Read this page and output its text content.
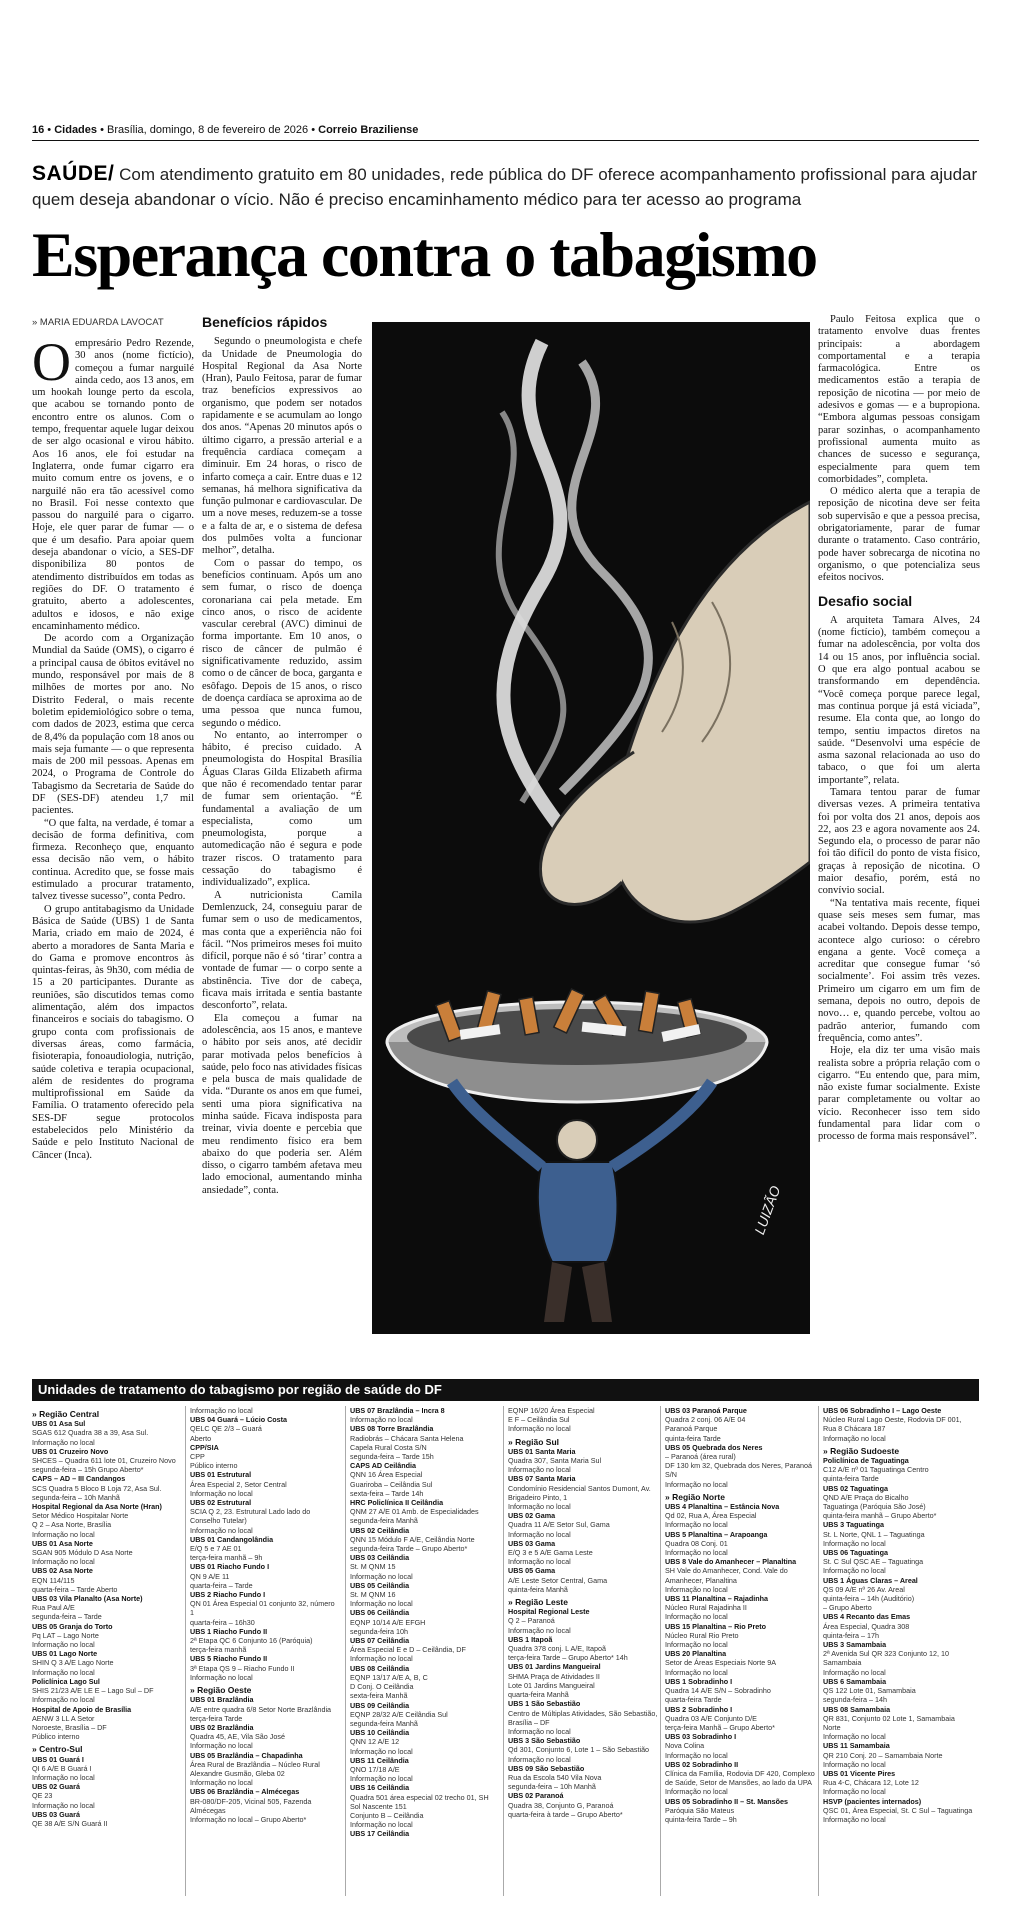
16 • Cidades • Brasília, domingo, 8 de fevereiro de 2026 • Correio Braziliense
SAÚDE/ Com atendimento gratuito em 80 unidades, rede pública do DF oferece acompanhamento profissional para ajudar quem deseja abandonar o vício. Não é preciso encaminhamento médico para ter acesso ao programa
Esperança contra o tabagismo
» MARIA EDUARDA LAVOCAT

Oempresário Pedro Rezende, 30 anos (nome fictício), começou a fumar narguilé ainda cedo, aos 13 anos, em um hookah lounge perto da escola, que acabou se tornando ponto de encontro entre os alunos. Com o tempo, frequentar aquele lugar deixou de ser algo ocasional e virou hábito. Aos 16 anos, ele foi estudar na Inglaterra, onde fumar cigarro era muito comum entre os jovens, e o narguilé não era tão acessível como no Brasil. Foi nesse contexto que passou do narguilé para o cigarro. Hoje, ele quer parar de fumar — o que é um desafio. Para apoiar quem deseja abandonar o vício, a SES-DF disponibiliza 80 pontos de atendimento distribuídos em todas as regiões do DF. O tratamento é gratuito, aberto a adolescentes, adultos e idosos, e não exige encaminhamento médico.

De acordo com a Organização Mundial da Saúde (OMS), o cigarro é a principal causa de óbitos evitável no mundo, responsável por mais de 8 milhões de mortes por ano. No Distrito Federal, o mais recente boletim epidemiológico sobre o tema, com dados de 2023, estima que cerca de 8,4% da população com 18 anos ou mais seja fumante — o que representa mais de 200 mil pessoas. Apenas em 2024, o Programa de Controle do Tabagismo da Secretaria de Saúde do DF (SES-DF) atendeu 1,7 mil pacientes.

“O que falta, na verdade, é tomar a decisão de forma definitiva, com firmeza. Reconheço que, enquanto essa decisão não vem, o hábito continua. Acredito que, se fosse mais estimulado a procurar tratamento, talvez tivesse sucesso”, conta Pedro.

O grupo antitabagismo da Unidade Básica de Saúde (UBS) 1 de Santa Maria, criado em maio de 2024, é aberto a moradores de Santa Maria e do Gama e promove encontros às quintas-feiras, às 9h30, com média de 15 a 20 participantes. Durante as reuniões, são discutidos temas como alimentação, além dos impactos financeiros e sociais do tabagismo. O grupo conta com profissionais de diversas áreas, como farmácia, fisioterapia, fonoaudiologia, nutrição, saúde coletiva e terapia ocupacional, além de residentes do programa multiprofissional em Saúde da Família. O tratamento oferecido pela SES-DF segue protocolos estabelecidos pelo Ministério da Saúde e pelo Instituto Nacional de Câncer (Inca).

Benefícios rápidos

Segundo o pneumologista e chefe da Unidade de Pneumologia do Hospital Regional da Asa Norte (Hran), Paulo Feitosa, parar de fumar traz benefícios expressivos ao organismo, que podem ser notados rapidamente e se acumulam ao longo dos anos. “Apenas 20 minutos após o último cigarro, a pressão arterial e a frequência cardíaca começam a diminuir. Em 24 horas, o risco de infarto começa a cair. Entre duas e 12 semanas, há melhora significativa da função pulmonar e cardiovascular. De um a nove meses, reduzem-se a tosse e a falta de ar, e o sistema de defesa dos pulmões volta a funcionar melhor”, detalha.

Com o passar do tempo, os benefícios continuam. Após um ano sem fumar, o risco de doença coronariana cai pela metade. Em cinco anos, o risco de acidente vascular cerebral (AVC) diminui de forma importante. Em 10 anos, o risco de câncer de pulmão é significativamente reduzido, assim como o de câncer de boca, garganta e esôfago. Depois de 15 anos, o risco de doença cardíaca se aproxima ao de uma pessoa que nunca fumou, segundo o médico.

No entanto, ao interromper o hábito, é preciso cuidado. A pneumologista do Hospital Brasília Águas Claras Gilda Elizabeth afirma que não é recomendado tentar parar de fumar sem orientação. “É fundamental a avaliação de um especialista, como um pneumologista, porque a automedicação não é segura e pode trazer riscos. O tratamento para cessação do tabagismo é individualizado”, explica.

A nutricionista Camila Demlenzuck, 24, conseguiu parar de fumar sem o uso de medicamentos, mas conta que a experiência não foi fácil. “Nos primeiros meses foi muito difícil, porque não é só ‘tirar’ contra a vontade de fumar — o corpo sente a abstinência. Tive dor de cabeça, ficava mais irritada e sentia bastante desconforto”, relata.

Ela começou a fumar na adolescência, aos 15 anos, e manteve o hábito por seis anos, até decidir parar motivada pelos benefícios à saúde, pelo foco nas atividades físicas e pela busca de mais qualidade de vida. “Durante os anos em que fumei, senti uma piora significativa na minha saúde. Ficava indisposta para treinar, vivia doente e percebia que meu rendimento físico era bem abaixo do que poderia ser. Além disso, o cigarro também afetava meu lado emocional, aumentando minha ansiedade”, conta.	LUIZÃO

Paulo Feitosa explica que o tratamento envolve duas frentes principais: a abordagem comportamental e a terapia farmacológica. Entre os medicamentos estão a terapia de reposição de nicotina — por meio de adesivos e gomas — e a bupropiona. “Embora algumas pessoas consigam parar sozinhas, o acompanhamento profissional aumenta muito as chances de sucesso e segurança, especialmente para quem tem comorbidades”, completa.

O médico alerta que a terapia de reposição de nicotina deve ser feita sob supervisão e que a pessoa precisa, obrigatoriamente, parar de fumar durante o tratamento. Caso contrário, pode haver sobrecarga de nicotina no organismo, o que potencializa seus efeitos nocivos.

Desafio social

A arquiteta Tamara Alves, 24 (nome fictício), também começou a fumar na adolescência, por volta dos 14 ou 15 anos, por influência social. O que era algo pontual acabou se transformando em dependência. “Você começa porque parece legal, mas continua porque já está viciada”, resume. Ela conta que, ao longo do tempo, sentiu impactos diretos na saúde. “Desenvolvi uma espécie de asma sazonal relacionada ao uso do tabaco, o que foi um alerta importante”, relata.

Tamara tentou parar de fumar diversas vezes. A primeira tentativa foi por volta dos 21 anos, depois aos 22, aos 23 e agora novamente aos 24. Segundo ela, o processo de parar não foi tão difícil do ponto de vista físico, graças à reposição de nicotina. O maior desafio, porém, está no convívio social.

“Na tentativa mais recente, fiquei quase seis meses sem fumar, mas acabei voltando. Depois desse tempo, acontece algo curioso: o cérebro engana a gente. Você começa a acreditar que consegue fumar ‘só socialmente’. Foi assim três vezes. Primeiro um cigarro em um fim de semana, depois no outro, depois de novo… e, quando percebe, voltou ao padrão anterior, fumando com frequência, como antes”.

Hoje, ela diz ter uma visão mais realista sobre a própria relação com o cigarro. “Eu entendo que, para mim, não existe fumar socialmente. Existe parar completamente ou voltar ao vício. Reconhecer isso tem sido fundamental para lidar com o processo de forma mais responsável”.

Unidades de tratamento do tabagismo por região de saúde do DF
» Região Central
UBS 01 Asa Sul
SGAS 612 Quadra 38 a 39, Asa Sul.
Informação no local
UBS 01 Cruzeiro Novo
SHCES – Quadra 611 lote 01, Cruzeiro Novo
segunda-feira – 15h Grupo Aberto*
CAPS – AD – III Candangos
SCS Quadra 5 Bloco B Loja 72, Asa Sul.
segunda-feira – 10h Manhã
Hospital Regional da Asa Norte (Hran)
Setor Médico Hospitalar Norte
Q 2 – Asa Norte, Brasília
Informação no local
UBS 01 Asa Norte
SGAN 905 Módulo D Asa Norte
Informação no local
UBS 02 Asa Norte
EQN 114/115
quarta-feira – Tarde Aberto
UBS 03 Vila Planalto (Asa Norte)
Rua Paul A/E
segunda-feira – Tarde
UBS 05 Granja do Torto
Pq LAT – Lago Norte
Informação no local
UBS 01 Lago Norte
SHIN Q 3 A/E Lago Norte
Informação no local
Policlínica Lago Sul
SHIS 21/23 A/E LE E – Lago Sul – DF
Informação no local
Hospital de Apoio de Brasília
AENW 3 LL A Setor
Noroeste, Brasília – DF
Público interno
» Centro-Sul
UBS 01 Guará I
QI 6 A/E B Guará I
Informação no local
UBS 02 Guará
QE 23
Informação no local
UBS 03 Guará
QE 38 A/E S/N Guará II
Informação no local
UBS 04 Guará – Lúcio Costa
QELC QE 2/3 – Guará
Aberto
CPP/SIA
CPP
Público interno
UBS 01 Estrutural
Área Especial 2, Setor Central
Informação no local
UBS 02 Estrutural
SCIA Q 2, 23. Estrutural Lado lado do Conselho Tutelar)
Informação no local
UBS 01 Candangolândia
E/Q 5 e 7 AE 01
terça-feira manhã – 9h
UBS 01 Riacho Fundo I
QN 9 A/E 11
quarta-feira – Tarde
UBS 2 Riacho Fundo I
QN 01 Área Especial 01 conjunto 32, número 1
quarta-feira – 16h30
UBS 1 Riacho Fundo II
2ª Etapa QC 6 Conjunto 16 (Paróquia)
terça-feira manhã
UBS 5 Riacho Fundo II
3ª Etapa QS 9 – Riacho Fundo II
Informação no local
» Região Oeste
UBS 01 Brazlândia
A/E entre quadra 6/8 Setor Norte Brazlândia
terça-feira Tarde
UBS 02 Brazlândia
Quadra 45, AE, Vila São José
Informação no local
UBS 05 Brazlândia – Chapadinha
Área Rural de Brazlândia – Núcleo Rural Alexandre Gusmão, Gleba 02
Informação no local
UBS 06 Brazlândia – Almécegas
BR-080/DF-205, Vicinal 505, Fazenda Almécegas
Informação no local – Grupo Aberto*
UBS 07 Brazlândia – Incra 8
Informação no local
UBS 08 Torre Brazlândia
Radiobrás – Chácara Santa Helena
Capela Rural Costa S/N
segunda-feira – Tarde 15h
CAPS AD Ceilândia
QNN 16 Área Especial
Guariroba – Ceilândia Sul
sexta-feira – Tarde 14h
HRC Policlínica II Ceilândia
QNM 27 A/E 01 Amb. de Especialidades
segunda-feira Manhã
UBS 02 Ceilândia
QNN 15 Módulo F A/E, Ceilândia Norte
segunda-feira Tarde – Grupo Aberto*
UBS 03 Ceilândia
St. M QNM 15
Informação no local
UBS 05 Ceilândia
St. M QNM 16
Informação no local
UBS 06 Ceilândia
EQNP 10/14 A/E EFGH
segunda-feira 10h
UBS 07 Ceilândia
Área Especial E e D – Ceilândia, DF
Informação no local
UBS 08 Ceilândia
EQNP 13/17 A/E A, B, C
D Conj. O Ceilândia
sexta-feira Manhã
UBS 09 Ceilândia
EQNP 28/32 A/E Ceilândia Sul
segunda-feira Manhã
UBS 10 Ceilândia
QNN 12 A/E 12
Informação no local
UBS 11 Ceilândia
QNO 17/18 A/E
Informação no local
UBS 16 Ceilândia
Quadra 501 área especial 02 trecho 01, SH Sol Nascente 151
Conjunto B – Ceilândia
Informação no local
UBS 17 Ceilândia
EQNP 16/20 Área Especial
E F – Ceilândia Sul
Informação no local
» Região Sul
UBS 01 Santa Maria
Quadra 307, Santa Maria Sul
Informação no local
UBS 07 Santa Maria
Condomínio Residencial Santos Dumont, Av. Brigadeiro Pinto, 1
Informação no local
UBS 02 Gama
Quadra 11 A/E Setor Sul, Gama
Informação no local
UBS 03 Gama
E/Q 3 e 5 A/E Gama Leste
Informação no local
UBS 05 Gama
A/E Leste Setor Central, Gama
quinta-feira Manhã
» Região Leste
Hospital Regional Leste
Q 2 – Paranoá
Informação no local
UBS 1 Itapoã
Quadra 378 conj. L A/E, Itapoã
terça-feira Tarde – Grupo Aberto* 14h
UBS 01 Jardins Mangueiral
SHMA Praça de Atividades II
Lote 01 Jardins Mangueiral
quarta-feira Manhã
UBS 1 São Sebastião
Centro de Múltiplas Atividades, São Sebastião, Brasília – DF
Informação no local
UBS 3 São Sebastião
Qd 301, Conjunto 6, Lote 1 – São Sebastião
Informação no local
UBS 09 São Sebastião
Rua da Escola 540 Vila Nova
segunda-feira – 10h Manhã
UBS 02 Paranoá
Quadra 38, Conjunto G, Paranoá
quarta-feira à tarde – Grupo Aberto*
UBS 03 Paranoá Parque
Quadra 2 conj. 06 A/E 04
Paranoá Parque
quinta-feira Tarde
UBS 05 Quebrada dos Neres
– Paranoá (área rural)
DF 130 km 32, Quebrada dos Neres, Paranoá S/N
Informação no local
» Região Norte
UBS 4 Planaltina – Estância Nova
Qd 02, Rua A, Área Especial
Informação no local
UBS 5 Planaltina – Arapoanga
Quadra 08 Conj. 01
Informação no local
UBS 8 Vale do Amanhecer – Planaltina
SH Vale do Amanhecer, Cond. Vale do Amanhecer, Planaltina
Informação no local
UBS 11 Planaltina – Rajadinha
Núcleo Rural Rajadinha II
Informação no local
UBS 15 Planaltina – Rio Preto
Núcleo Rural Rio Preto
Informação no local
UBS 20 Planaltina
Setor de Áreas Especiais Norte 9A
Informação no local
UBS 1 Sobradinho I
Quadra 14 A/E S/N – Sobradinho
quarta-feira Tarde
UBS 2 Sobradinho I
Quadra 03 A/E Conjunto D/E
terça-feira Manhã – Grupo Aberto*
UBS 03 Sobradinho I
Nova Colina
Informação no local
UBS 02 Sobradinho II
Clínica da Família, Rodovia DF 420, Complexo de Saúde, Setor de Mansões, ao lado da UPA
Informação no local
UBS 05 Sobradinho II – St. Mansões
Paróquia São Mateus
quinta-feira Tarde – 9h
UBS 06 Sobradinho I – Lago Oeste
Núcleo Rural Lago Oeste, Rodovia DF 001, Rua 8 Chácara 187
Informação no local
» Região Sudoeste
Policlínica de Taguatinga
C12 A/E nº 01 Taguatinga Centro
quinta-feira Tarde
UBS 02 Taguatinga
QND A/E Praça do Bicalho
Taguatinga (Paróquia São José)
quinta-feira manhã – Grupo Aberto*
UBS 3 Taguatinga
St. L Norte, QNL 1 – Taguatinga
Informação no local
UBS 06 Taguatinga
St. C Sul QSC AE – Taguatinga
Informação no local
UBS 1 Águas Claras – Areal
QS 09 A/E nº 26 Av. Areal
quinta-feira – 14h (Auditório)
– Grupo Aberto
UBS 4 Recanto das Emas
Área Especial, Quadra 308
quinta-feira – 17h
UBS 3 Samambaia
2ª Avenida Sul QR 323 Conjunto 12, 10 Samambaia
Informação no local
UBS 6 Samambaia
QS 122 Lote 01, Samambaia
segunda-feira – 14h
UBS 08 Samambaia
QR 831, Conjunto 02 Lote 1, Samambaia Norte
Informação no local
UBS 11 Samambaia
QR 210 Conj. 20 – Samambaia Norte
Informação no local
UBS 01 Vicente Pires
Rua 4-C, Chácara 12, Lote 12
Informação no local
HSVP (pacientes internados)
QSC 01, Área Especial, St. C Sul – Taguatinga
Informação no local
